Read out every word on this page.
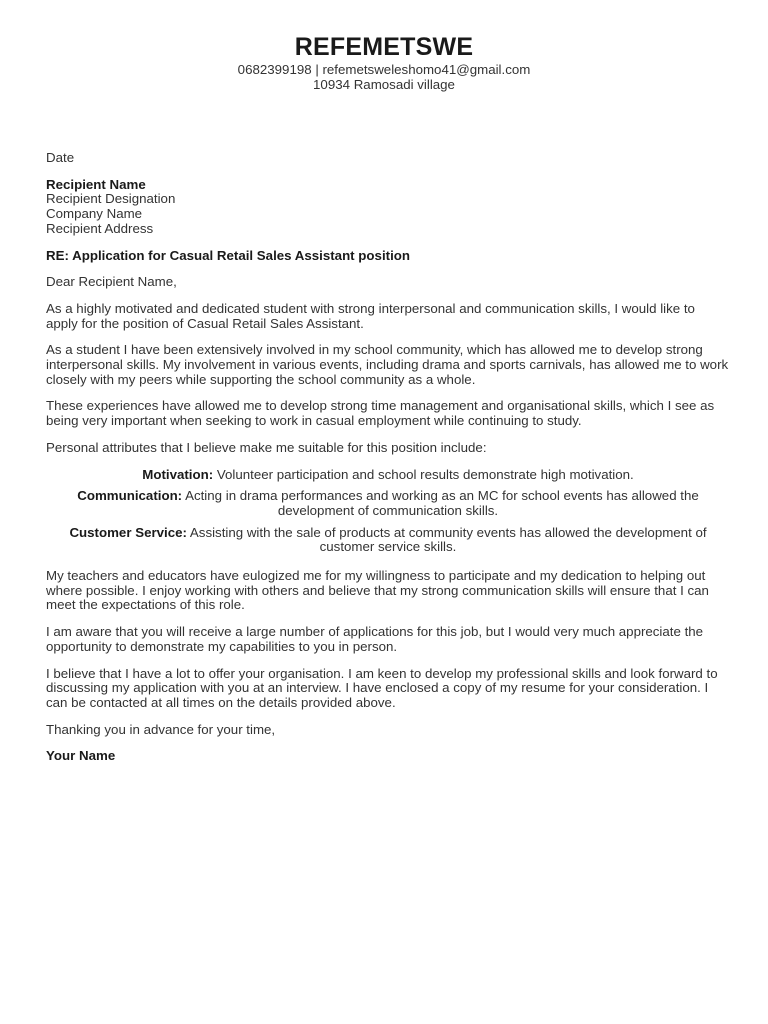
REFEMETSWE
0682399198 | refemetsweleshomo41@gmail.com
10934 Ramosadi village

Date

Recipient Name
Recipient Designation
Company Name
Recipient Address

RE: Application for Casual Retail Sales Assistant position

Dear Recipient Name,

As a highly motivated and dedicated student with strong interpersonal and communication skills, I would like to apply for the position of Casual Retail Sales Assistant.

As a student I have been extensively involved in my school community, which has allowed me to develop strong interpersonal skills. My involvement in various events, including drama and sports carnivals, has allowed me to work closely with my peers while supporting the school community as a whole.

These experiences have allowed me to develop strong time management and organisational skills, which I see as being very important when seeking to work in casual employment while continuing to study.

Personal attributes that I believe make me suitable for this position include:

Motivation: Volunteer participation and school results demonstrate high motivation.
Communication: Acting in drama performances and working as an MC for school events has allowed the development of communication skills.
Customer Service: Assisting with the sale of products at community events has allowed the development of customer service skills.

My teachers and educators have eulogized me for my willingness to participate and my dedication to helping out where possible. I enjoy working with others and believe that my strong communication skills will ensure that I can meet the expectations of this role.

I am aware that you will receive a large number of applications for this job, but I would very much appreciate the opportunity to demonstrate my capabilities to you in person.

I believe that I have a lot to offer your organisation. I am keen to develop my professional skills and look forward to discussing my application with you at an interview. I have enclosed a copy of my resume for your consideration. I can be contacted at all times on the details provided above.

Thanking you in advance for your time,

Your Name
